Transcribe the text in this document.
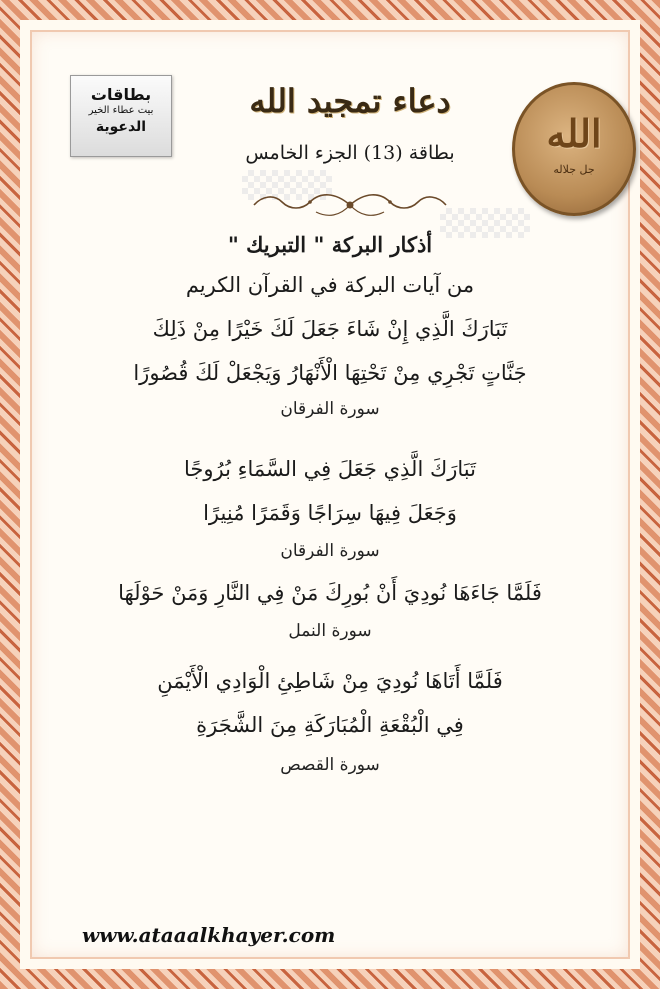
بطاقات
بيت عطاء الخير
الدعوية	الله
جل جلاله
دعاء تمجيد الله
بطاقة (13) الجزء الخامس
أذكار البركة " التبريك "
من آيات البركة في القرآن الكريم
تَبَارَكَ الَّذِي إِنْ شَاءَ جَعَلَ لَكَ خَيْرًا مِنْ ذَلِكَ
جَنَّاتٍ تَجْرِي مِنْ تَحْتِهَا الْأَنْهَارُ وَيَجْعَلْ لَكَ قُصُورًا
سورة الفرقان
تَبَارَكَ الَّذِي جَعَلَ فِي السَّمَاءِ بُرُوجًا
وَجَعَلَ فِيهَا سِرَاجًا وَقَمَرًا مُنِيرًا
سورة الفرقان
فَلَمَّا جَاءَهَا نُودِيَ أَنْ بُورِكَ مَنْ فِي النَّارِ وَمَنْ حَوْلَهَا
سورة النمل
فَلَمَّا أَتَاهَا نُودِيَ مِنْ شَاطِئِ الْوَادِي الْأَيْمَنِ
فِي الْبُقْعَةِ الْمُبَارَكَةِ مِنَ الشَّجَرَةِ
سورة القصص
www.ataaalkhayer.com
